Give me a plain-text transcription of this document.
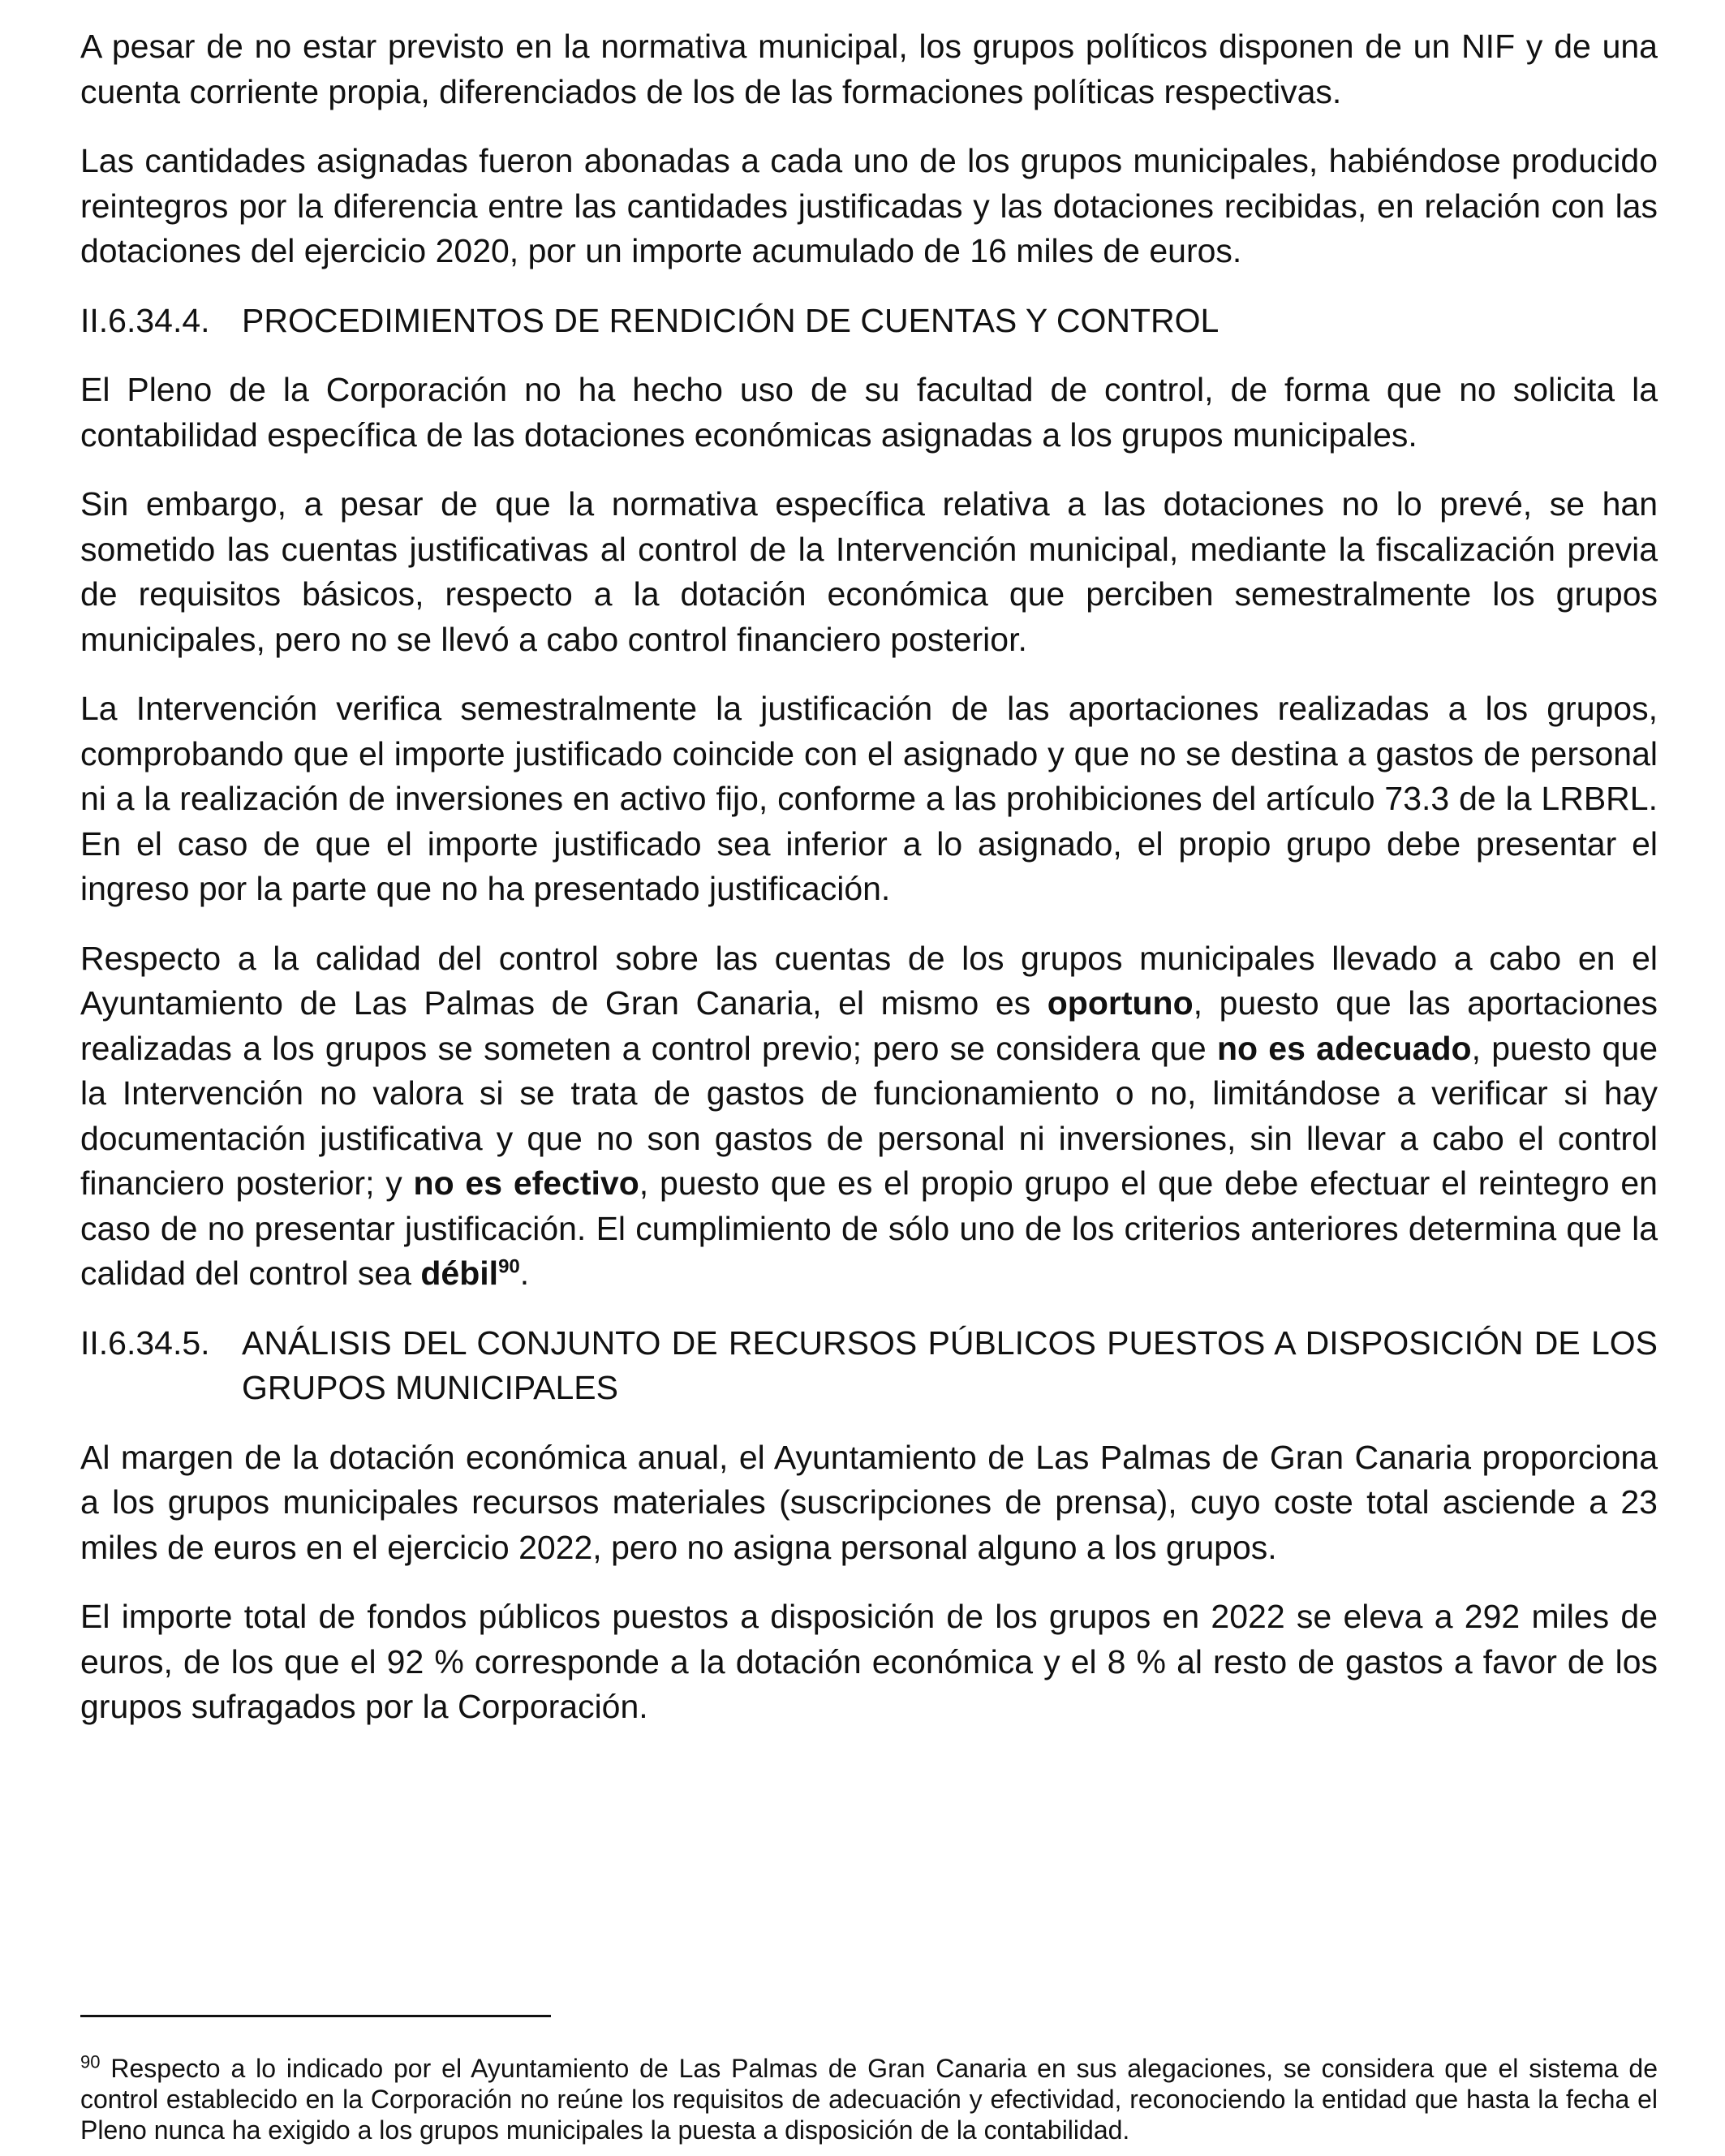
A pesar de no estar previsto en la normativa municipal, los grupos políticos disponen de un NIF y de una cuenta corriente propia, diferenciados de los de las formaciones políticas respectivas.

Las cantidades asignadas fueron abonadas a cada uno de los grupos municipales, habiéndose producido reintegros por la diferencia entre las cantidades justificadas y las dotaciones recibidas, en relación con las dotaciones del ejercicio 2020, por un importe acumulado de 16 miles de euros.

II.6.34.4. PROCEDIMIENTOS DE RENDICIÓN DE CUENTAS Y CONTROL

El Pleno de la Corporación no ha hecho uso de su facultad de control, de forma que no solicita la contabilidad específica de las dotaciones económicas asignadas a los grupos municipales.

Sin embargo, a pesar de que la normativa específica relativa a las dotaciones no lo prevé, se han sometido las cuentas justificativas al control de la Intervención municipal, mediante la fiscalización previa de requisitos básicos, respecto a la dotación económica que perciben semestralmente los grupos municipales, pero no se llevó a cabo control financiero posterior.

La Intervención verifica semestralmente la justificación de las aportaciones realizadas a los grupos, comprobando que el importe justificado coincide con el asignado y que no se destina a gastos de personal ni a la realización de inversiones en activo fijo, conforme a las prohibiciones del artículo 73.3 de la LRBRL. En el caso de que el importe justificado sea inferior a lo asignado, el propio grupo debe presentar el ingreso por la parte que no ha presentado justificación.

Respecto a la calidad del control sobre las cuentas de los grupos municipales llevado a cabo en el Ayuntamiento de Las Palmas de Gran Canaria, el mismo es oportuno, puesto que las aportaciones realizadas a los grupos se someten a control previo; pero se considera que no es adecuado, puesto que la Intervención no valora si se trata de gastos de funcionamiento o no, limitándose a verificar si hay documentación justificativa y que no son gastos de personal ni inversiones, sin llevar a cabo el control financiero posterior; y no es efectivo, puesto que es el propio grupo el que debe efectuar el reintegro en caso de no presentar justificación. El cumplimiento de sólo uno de los criterios anteriores determina que la calidad del control sea débil$^{90}$.

II.6.34.5. ANÁLISIS DEL CONJUNTO DE RECURSOS PÚBLICOS PUESTOS A DISPOSICIÓN DE LOS GRUPOS MUNICIPALES

Al margen de la dotación económica anual, el Ayuntamiento de Las Palmas de Gran Canaria proporciona a los grupos municipales recursos materiales (suscripciones de prensa), cuyo coste total asciende a 23 miles de euros en el ejercicio 2022, pero no asigna personal alguno a los grupos.

El importe total de fondos públicos puestos a disposición de los grupos en 2022 se eleva a 292 miles de euros, de los que el 92 % corresponde a la dotación económica y el 8 % al resto de gastos a favor de los grupos sufragados por la Corporación.

$^{90}$ Respecto a lo indicado por el Ayuntamiento de Las Palmas de Gran Canaria en sus alegaciones, se considera que el sistema de control establecido en la Corporación no reúne los requisitos de adecuación y efectividad, reconociendo la entidad que hasta la fecha el Pleno nunca ha exigido a los grupos municipales la puesta a disposición de la contabilidad.
